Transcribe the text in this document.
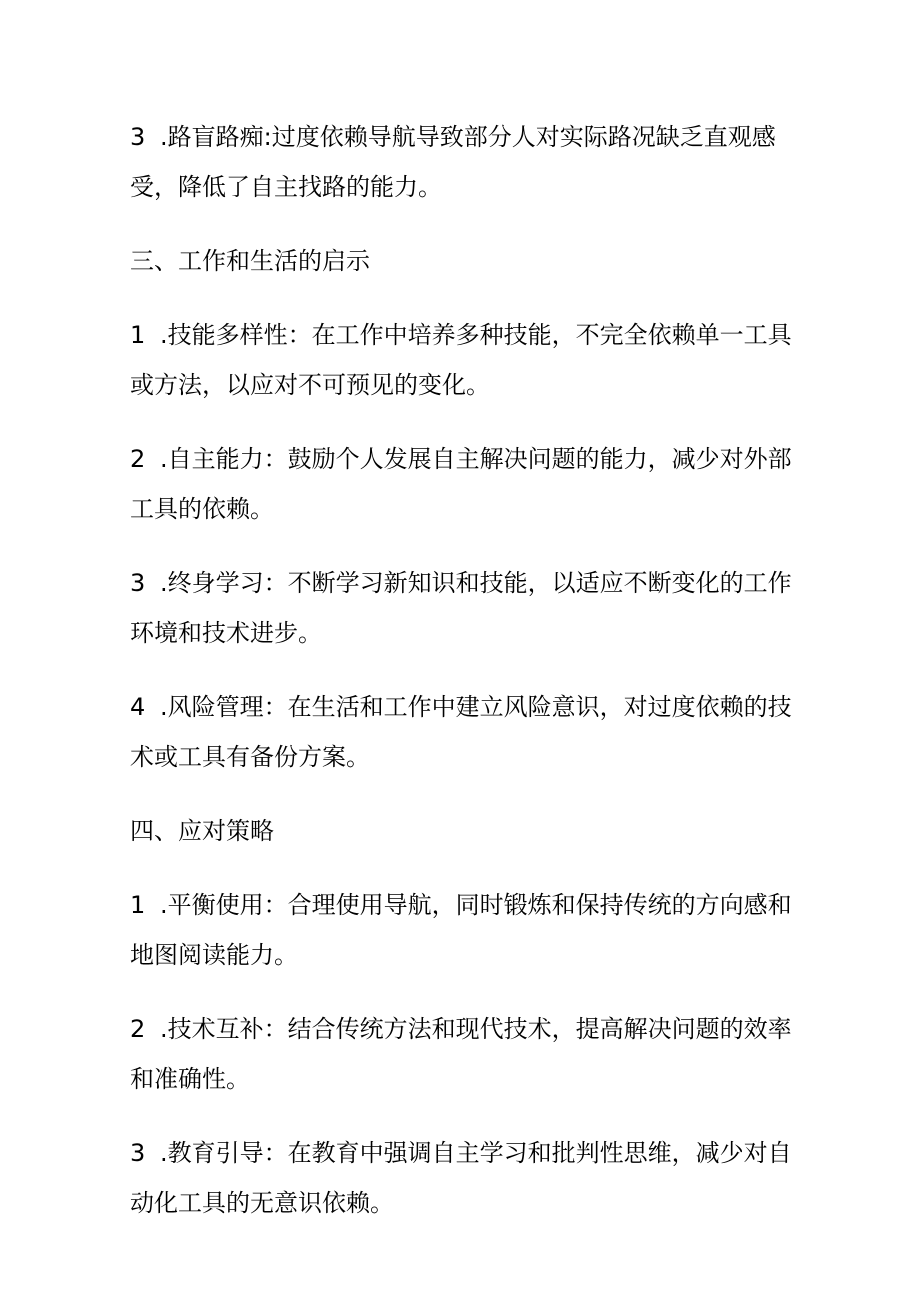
3 .路盲路痴:过度依赖导航导致部分人对实际路况缺乏直观感受，降低了自主找路的能力。

三、工作和生活的启示

1 .技能多样性：在工作中培养多种技能，不完全依赖单一工具或方法，以应对不可预见的变化。

2 .自主能力：鼓励个人发展自主解决问题的能力，减少对外部工具的依赖。

3 .终身学习：不断学习新知识和技能，以适应不断变化的工作环境和技术进步。

4 .风险管理：在生活和工作中建立风险意识，对过度依赖的技术或工具有备份方案。

四、应对策略

1 .平衡使用：合理使用导航，同时锻炼和保持传统的方向感和地图阅读能力。

2 .技术互补：结合传统方法和现代技术，提高解决问题的效率和准确性。

3 .教育引导：在教育中强调自主学习和批判性思维，减少对自动化工具的无意识依赖。
